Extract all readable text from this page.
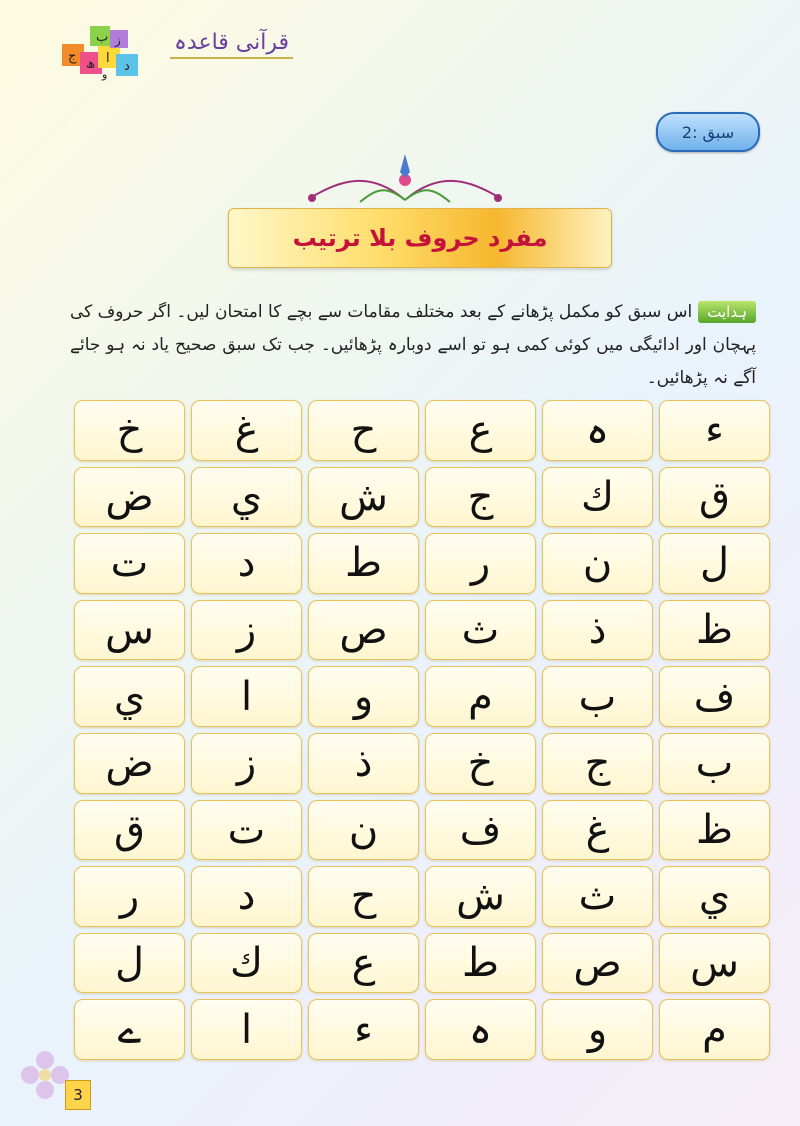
ب
ج ا
د
ھ
ز
و
قرآنی قاعدہ
سبق :2
مفرد حروف بلا ترتیب
ہدایتاس سبق کو مکمل پڑھانے کے بعد مختلف مقامات سے بچے کا امتحان لیں۔ اگر حروف کی پہچان اور ادائیگی میں کوئی کمی ہو تو اسے دوبارہ پڑھائیں۔ جب تک سبق صحیح یاد نہ ہو جائے آگے نہ پڑھائیں۔
ء
ہ
ع
ح
غ
خ
ق
ك
ج
ش
ي
ض
ل
ن
ر
ط
د
ت
ظ
ذ
ث
ص
ز
س
ف
ب
م
و
ا
ي
ب
ج
خ
ذ
ز
ض
ظ
غ
ف
ن
ت
ق
ي
ث
ش
ح
د
ر
س
ص
ط
ع
ك
ل
م
و
ہ
ء
ا
ے
3
